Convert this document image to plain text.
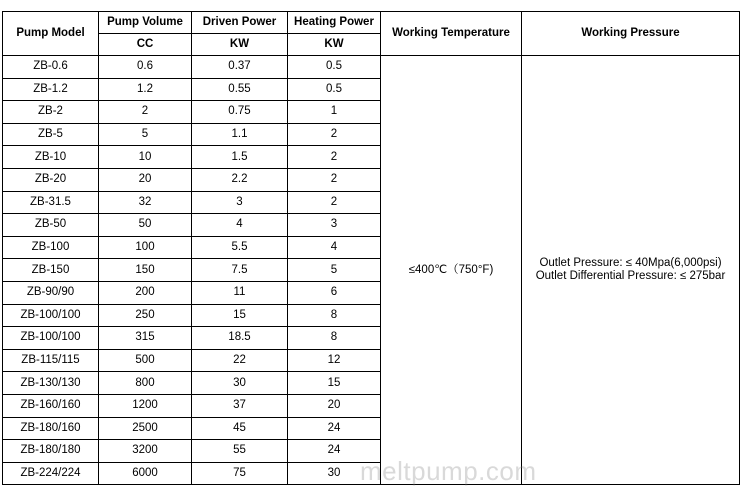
Pump Model	Pump Volume	Driven Power	Heating Power	Working Temperature	Working Pressure
	CC	KW	KW		
ZB-0.6	0.6	0.37	0.5	≤400℃（750°F)	Outlet Pressure: ≤ 40Mpa(6,000psi)
Outlet Differential Pressure: ≤ 275bar

ZB-1.2	1.2	0.55	0.5		
ZB-2	2	0.75	1		
ZB-5	5	1.1	2		
ZB-10	10	1.5	2		
ZB-20	20	2.2	2		
ZB-31.5	32	3	2		
ZB-50	50	4	3		
ZB-100	100	5.5	4		
ZB-150	150	7.5	5		
ZB-90/90	200	11	6		
ZB-100/100	250	15	8		
ZB-100/100	315	18.5	8		
ZB-115/115	500	22	12		
ZB-130/130	800	30	15		
ZB-160/160	1200	37	20		
ZB-180/160	2500	45	24		
ZB-180/180	3200	55	24		
ZB-224/224	6000	75	30		meltpump.com
